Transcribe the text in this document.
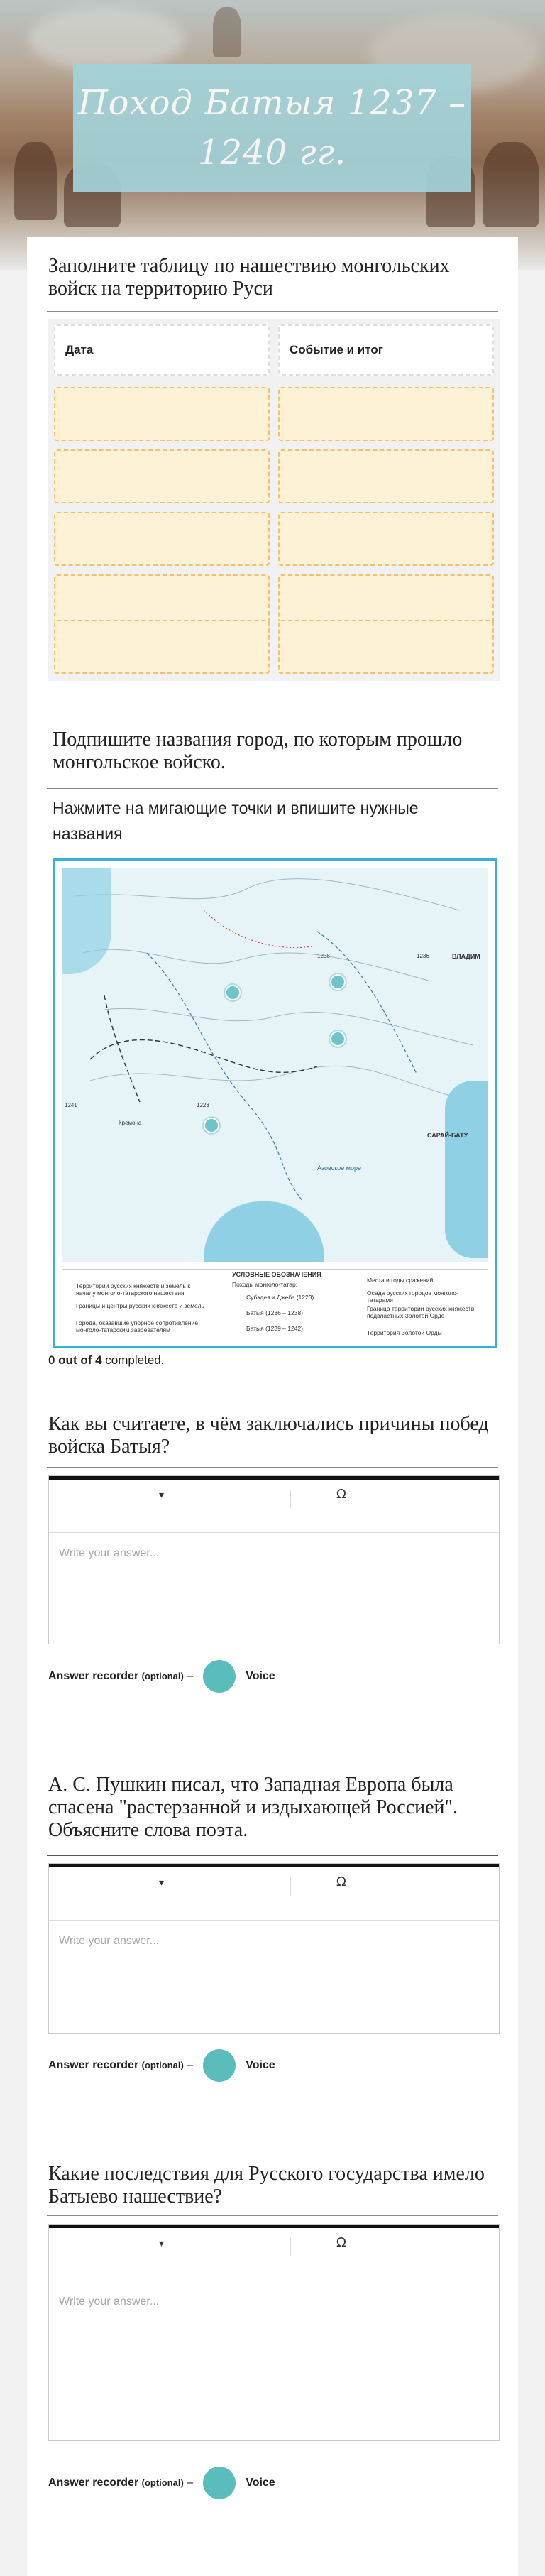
Поход Батыя 1237 – 1240 гг.
Заполните таблицу по нашествию монгольских войск на территорию Руси
Дата	Событие и итог
Подпишите названия город, по которым прошло монгольское войско.
Нажмите на мигающие точки и впишите нужные названия
Азовское море
САРАЙ-БАТУ
ВЛАДИМ
1236
1238
1223
1241
Кремона
УСЛОВНЫЕ ОБОЗНАЧЕНИЯ
Территории русских княжеств и земель к началу монголо-татарского нашествия
Границы и центры русских княжеств и земель
Города, оказавшие упорное сопротивление монголо-татарским завоевателям
Походы монголо-татар:
Субэдея и Джебэ (1223)
Батыя (1236 – 1238)
Батыя (1239 – 1242)
Места и годы сражений
Осада русских городов монголо-татарами
Граница территории русских княжеств, подвластных Золотой Орде
Территория Золотой Орды
0 out of 4 completed.
Как вы считаете, в чём заключались причины побед войска Батыя?
▾	Ω
Write your answer...
Answer recorder (optional) –	Voice
А. С. Пушкин писал, что Западная Европа была спасена "растерзанной и издыхающей Россией". Объясните слова поэта.
▾	Ω
Write your answer...
Answer recorder (optional) –	Voice
Какие последствия для Русского государства имело Батыево нашествие?
▾	Ω
Write your answer...
Answer recorder (optional) –	Voice
